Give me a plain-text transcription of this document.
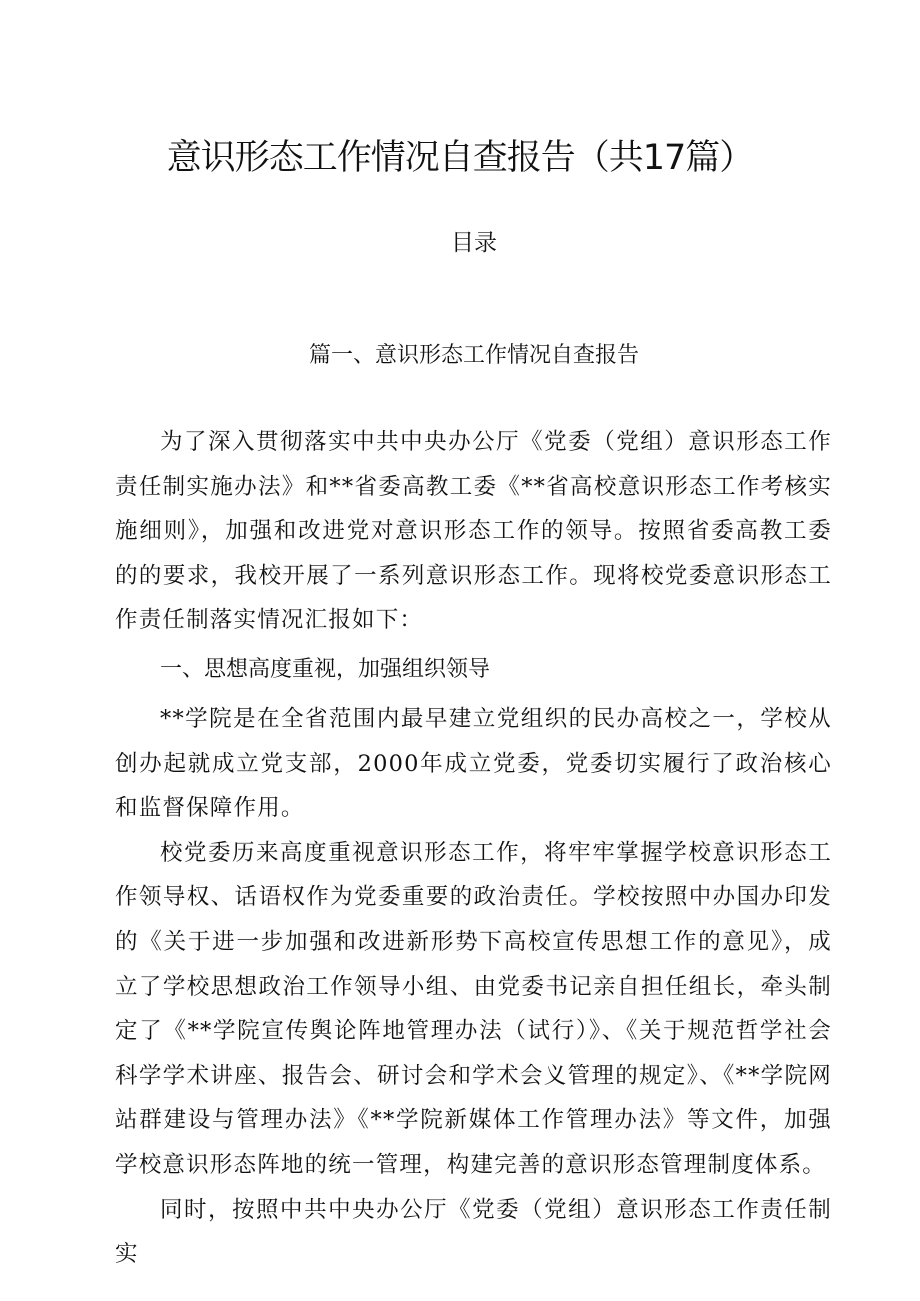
意识形态工作情况自查报告（共17篇）
目录
篇一、意识形态工作情况自查报告

为了深入贯彻落实中共中央办公厅《党委（党组）意识形态工作责任制实施办法》和**省委高教工委《**省高校意识形态工作考核实施细则》，加强和改进党对意识形态工作的领导。按照省委高教工委的的要求，我校开展了一系列意识形态工作。现将校党委意识形态工作责任制落实情况汇报如下：

一、思想高度重视，加强组织领导

**学院是在全省范围内最早建立党组织的民办高校之一，学校从创办起就成立党支部，2000年成立党委，党委切实履行了政治核心和监督保障作用。

校党委历来高度重视意识形态工作，将牢牢掌握学校意识形态工作领导权、话语权作为党委重要的政治责任。学校按照中办国办印发的《关于进一步加强和改进新形势下高校宣传思想工作的意见》，成立了学校思想政治工作领导小组、由党委书记亲自担任组长，牵头制定了《**学院宣传舆论阵地管理办法（试行）》、《关于规范哲学社会科学学术讲座、报告会、研讨会和学术会义管理的规定》、《**学院网站群建设与管理办法》《**学院新媒体工作管理办法》等文件，加强学校意识形态阵地的统一管理，构建完善的意识形态管理制度体系。

同时，按照中共中央办公厅《党委（党组）意识形态工作责任制实
